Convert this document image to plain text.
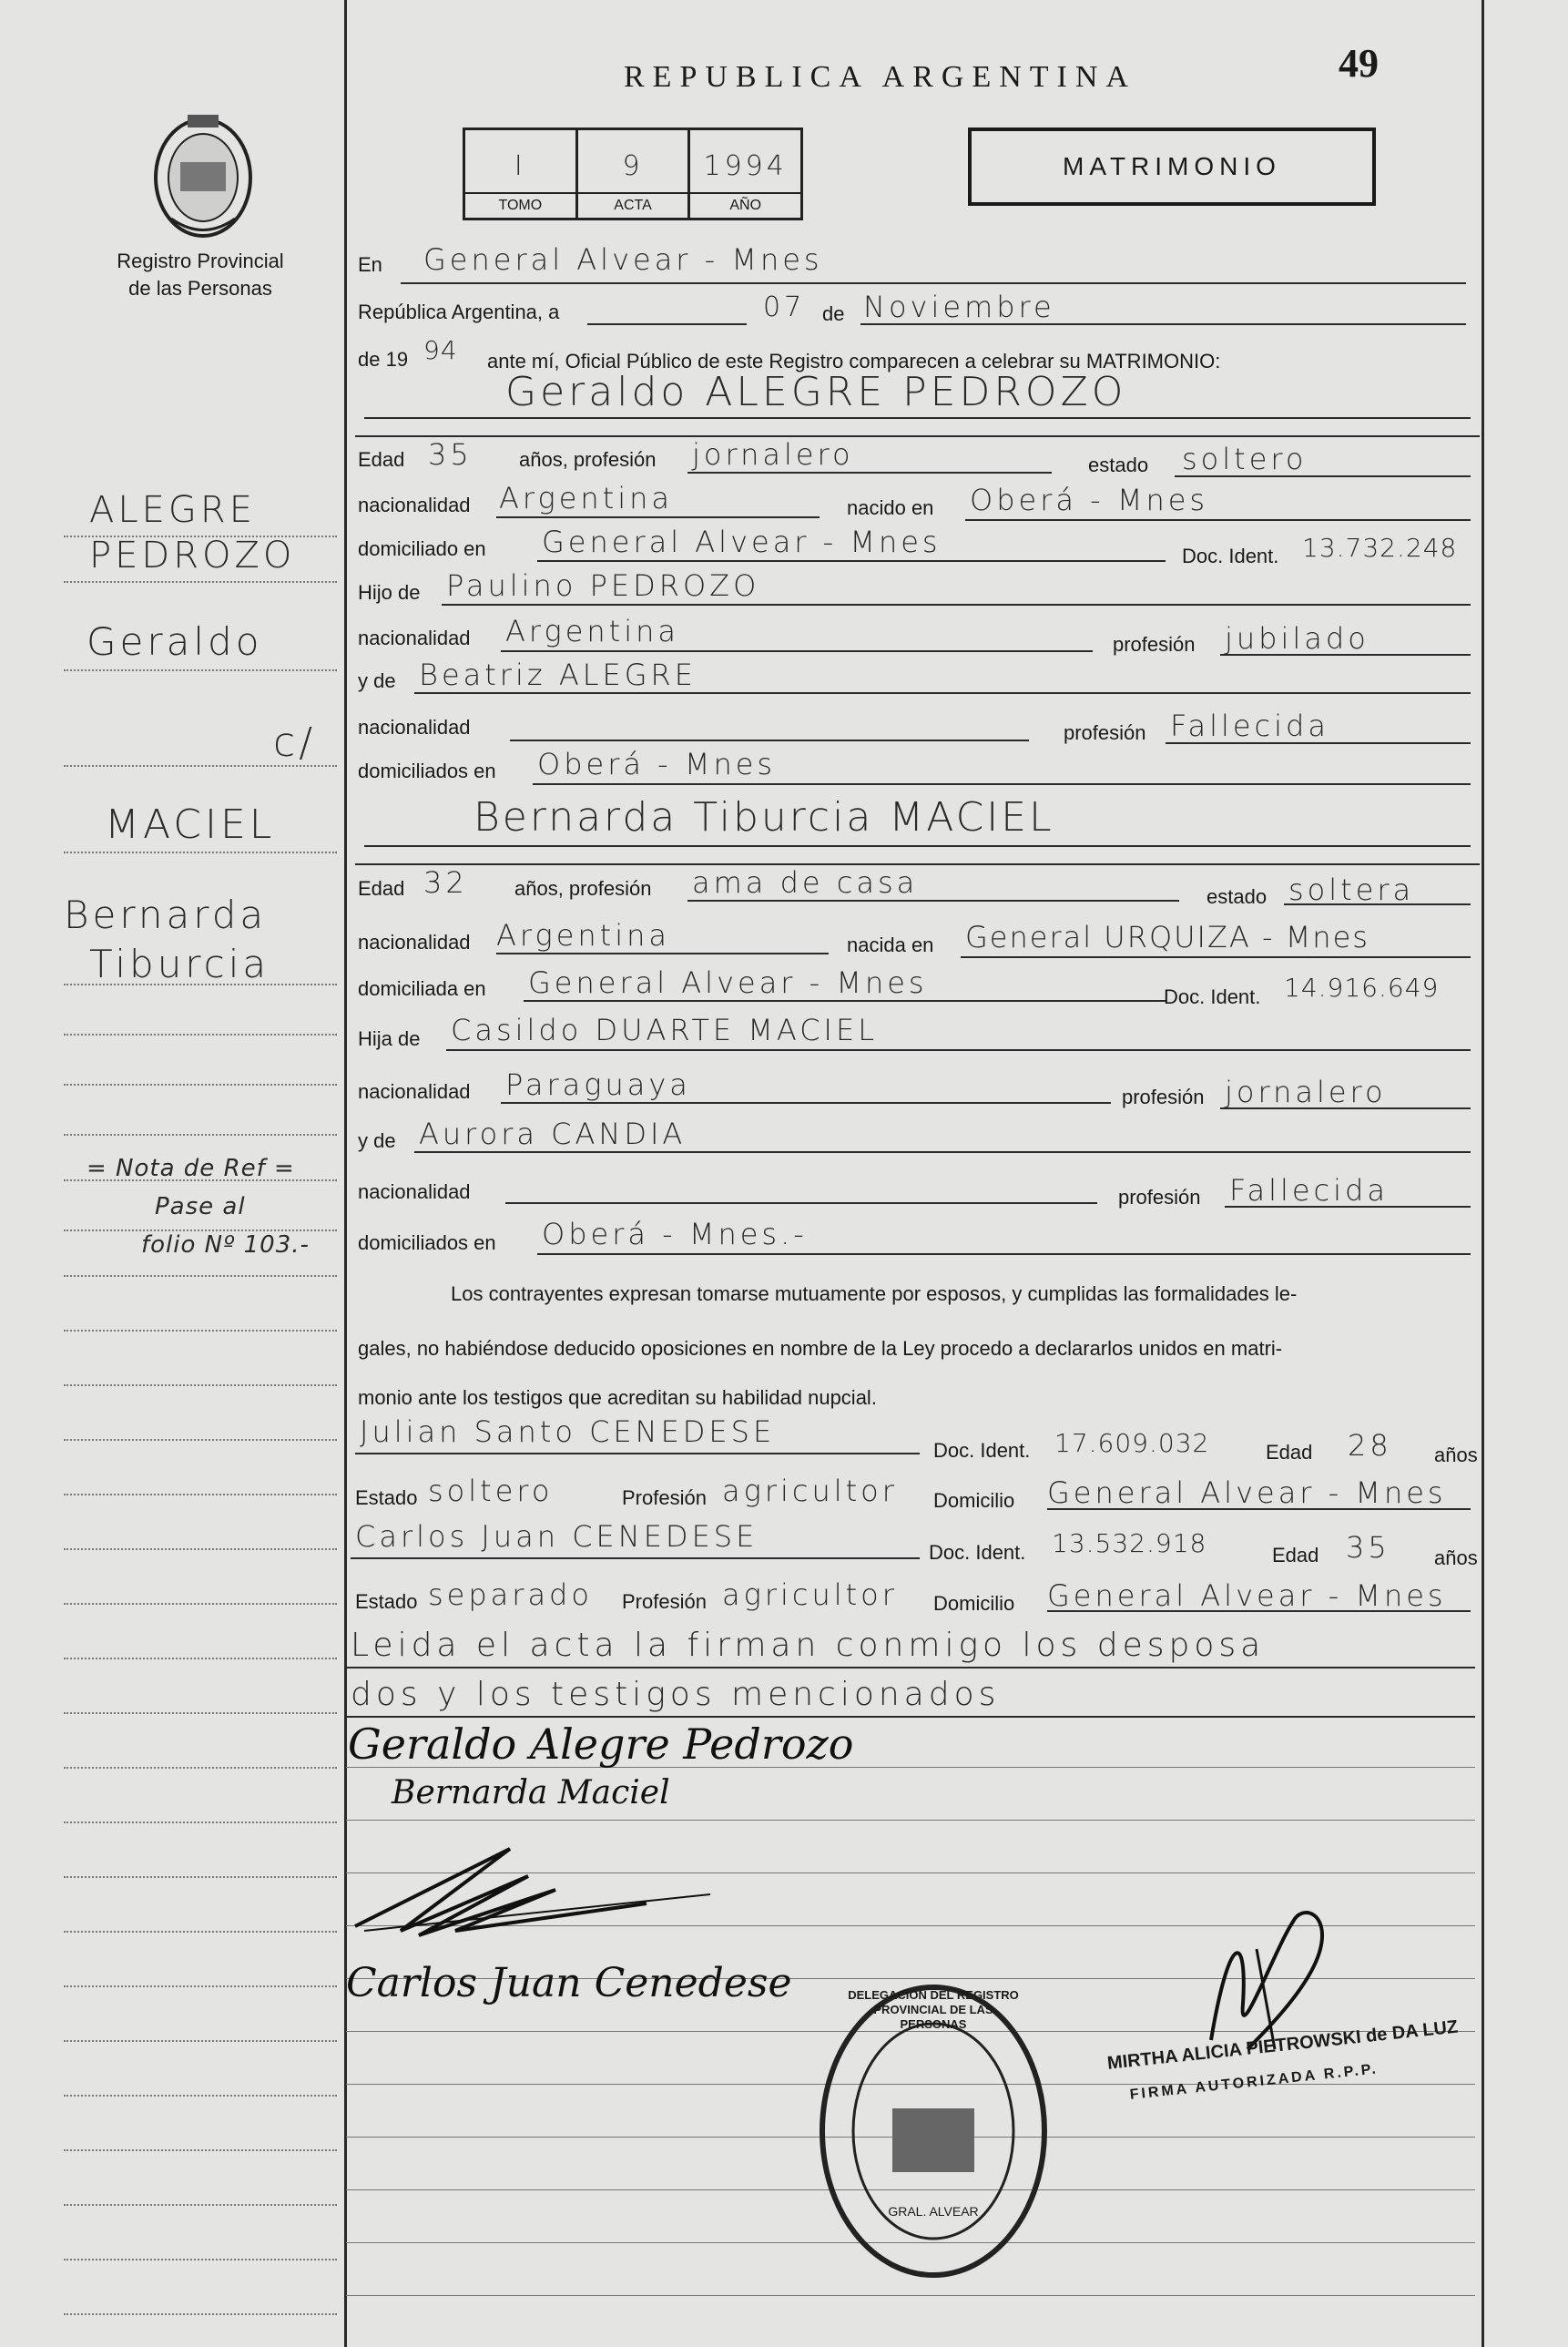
Registro Provincial
de las Personas
ALEGRE
PEDROZO
Geraldo
c/
MACIEL
Bernarda
Tiburcia
= Nota de Ref =
Pase al
folio Nº 103.-
REPUBLICA ARGENTINA	49
I
TOMO
9
ACTA
1994
AÑO
MATRIMONIO
En General Alvear - Mnes
República Argentina, a	07 de Noviembre
de 19 94 ante mí, Oficial Público de este Registro comparecen a celebrar su MATRIMONIO:
Geraldo ALEGRE PEDROZO
Edad 35 años, profesión jornalero	estado soltero
nacionalidad Argentina	nacido en Oberá - Mnes
domiciliado en General Alvear - Mnes	Doc. Ident. 13.732.248
Hijo de Paulino PEDROZO
nacionalidad Argentina	profesión jubilado
y de Beatriz ALEGRE
nacionalidad	profesión Fallecida
domiciliados en Oberá - Mnes
Bernarda Tiburcia MACIEL
Edad 32 años, profesión ama de casa	estado soltera
nacionalidad Argentina	nacida en General URQUIZA - Mnes
domiciliada en General Alvear - Mnes	Doc. Ident. 14.916.649
Hija de Casildo DUARTE MACIEL
nacionalidad Paraguaya	profesión jornalero
y de Aurora CANDIA
nacionalidad	profesión Fallecida
domiciliados en Oberá - Mnes.-
Los contrayentes expresan tomarse mutuamente por esposos, y cumplidas las formalidades le-
gales, no habiéndose deducido oposiciones en nombre de la Ley procedo a declararlos unidos en matri-
monio ante los testigos que acreditan su habilidad nupcial.
Julian Santo CENEDESE
Doc. Ident. 17.609.032	Edad 28 años
Estado soltero	Profesión agricultor Domicilio General Alvear - Mnes
Carlos Juan CENEDESE	Doc. Ident. 13.532.918	Edad 35 años
Estado separado Profesión agricultor Domicilio General Alvear - Mnes
Leida el acta la firman conmigo los desposa
dos y los testigos mencionados
Geraldo Alegre Pedrozo
Bernarda Maciel
Carlos Juan Cenedese
MIRTHA ALICIA PIETROWSKI de DA LUZ
FIRMA AUTORIZADA R.P.P.
DELEGACION DEL REGISTRO PROVINCIAL DE LAS PERSONAS
GRAL. ALVEAR
